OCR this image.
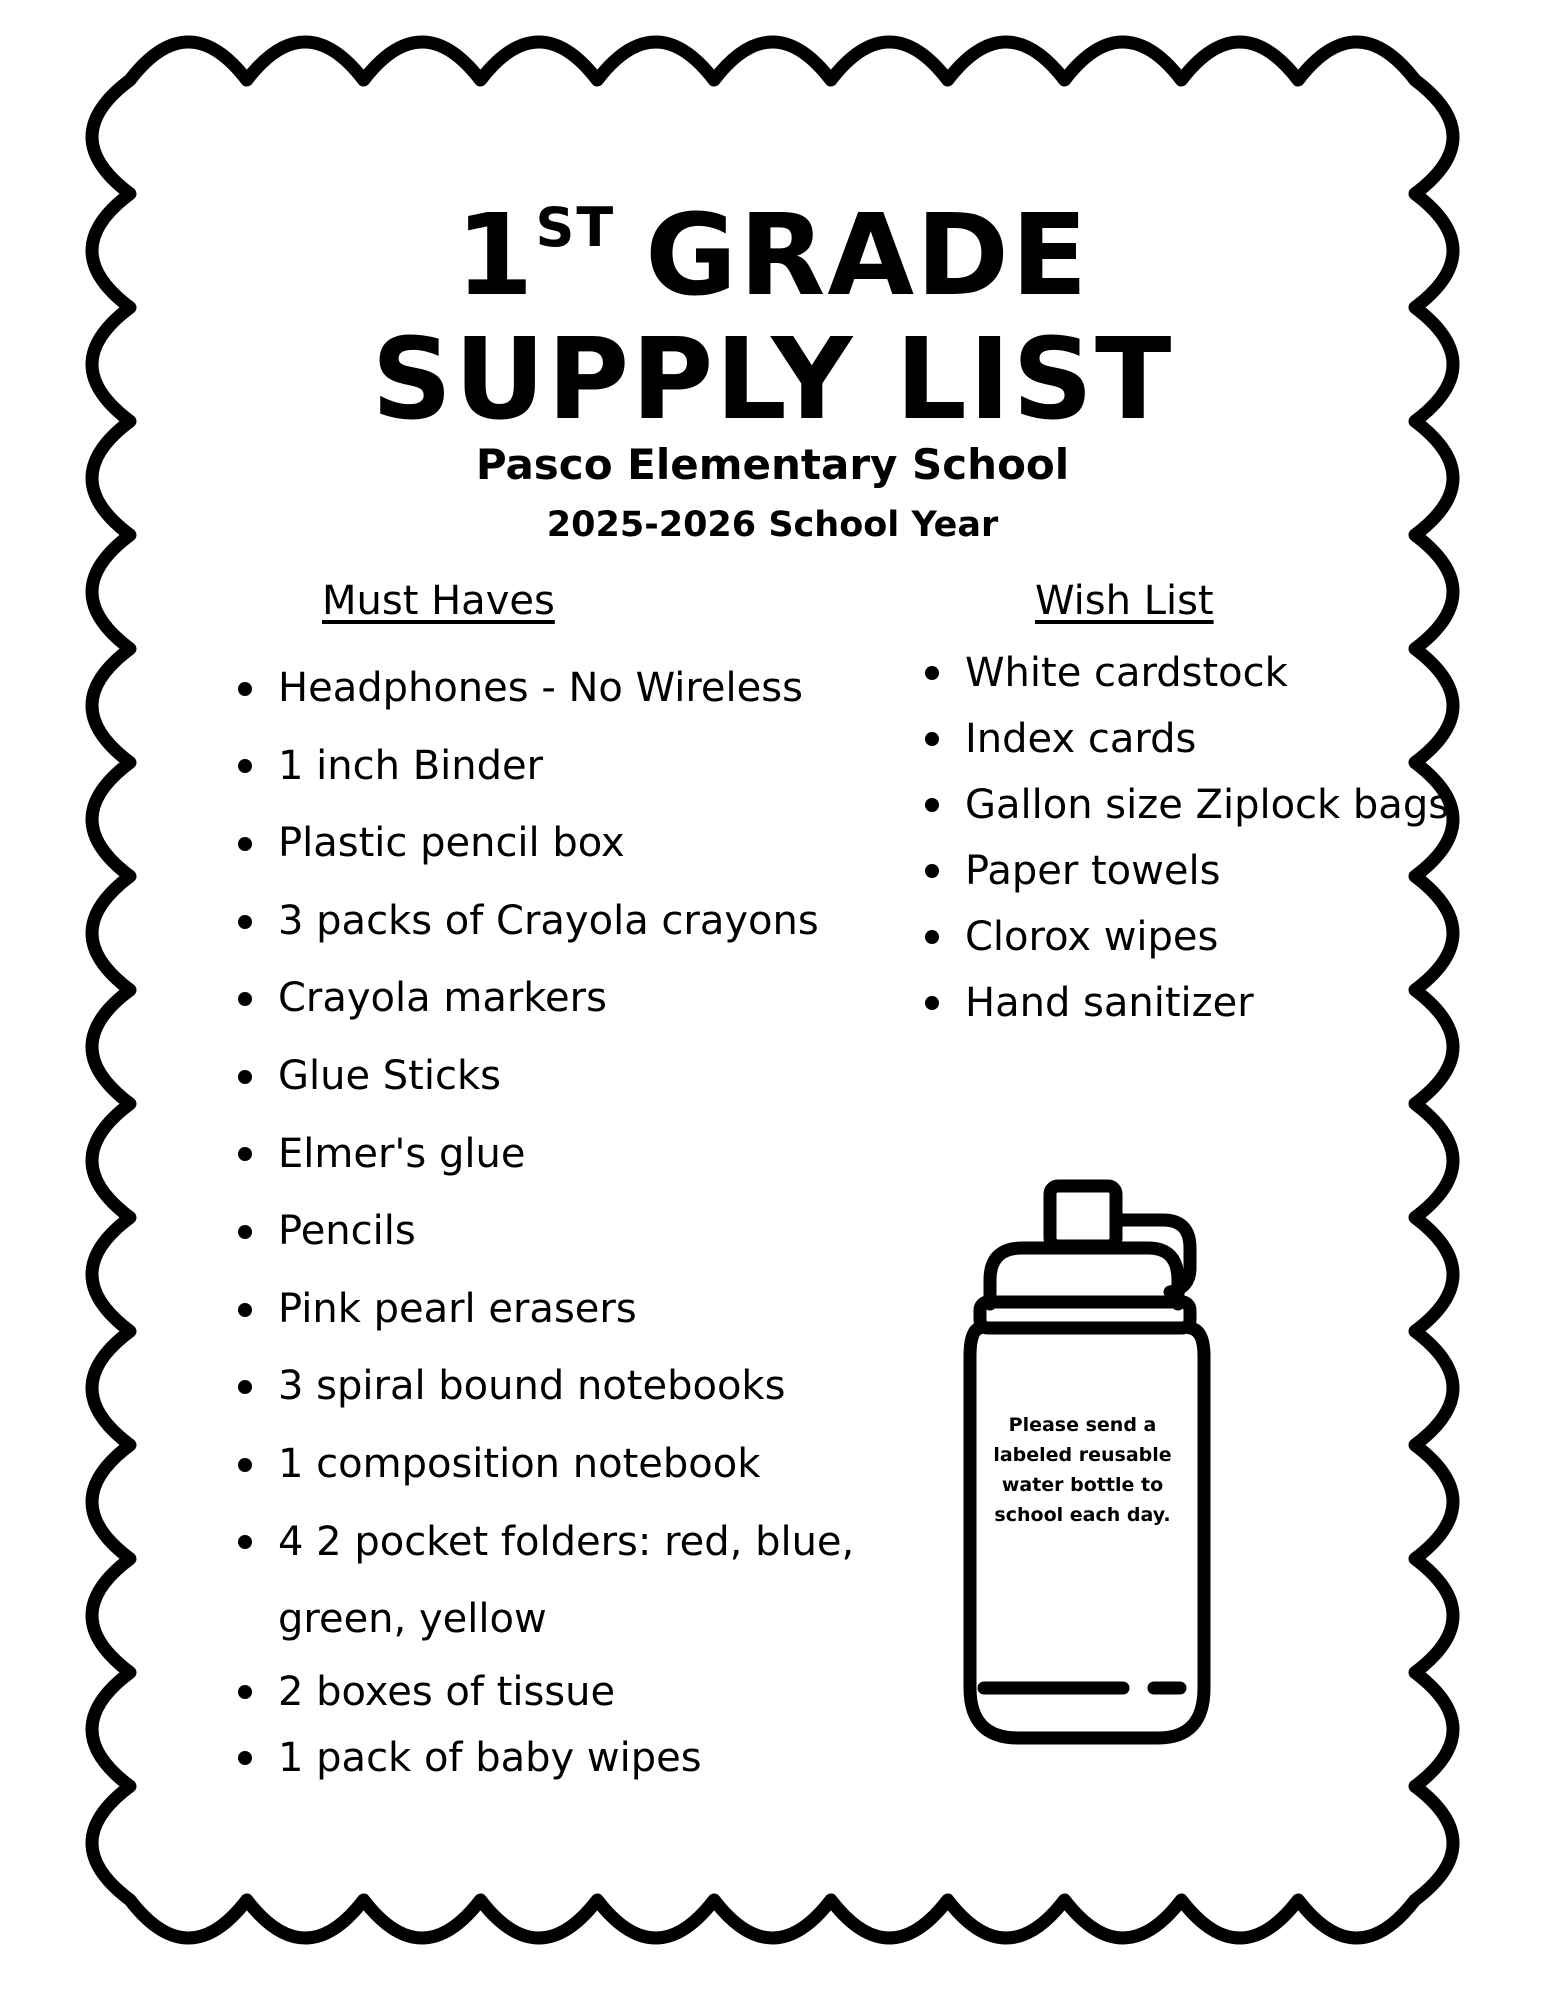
1ST GRADE
SUPPLY LIST
Pasco Elementary School
2025-2026 School Year
Must Haves
Headphones - No Wireless
1 inch Binder
Plastic pencil box
3 packs of Crayola crayons
Crayola markers
Glue Sticks
Elmer's glue
Pencils
Pink pearl erasers
3 spiral bound notebooks
1 composition notebook
4 2 pocket folders: red, blue,
green, yellow
2 boxes of tissue
1 pack of baby wipes
Wish List
White cardstock
Index cards
Gallon size Ziplock bags
Paper towels
Clorox wipes
Hand sanitizer
Please send a labeled reusable water bottle to school each day.
